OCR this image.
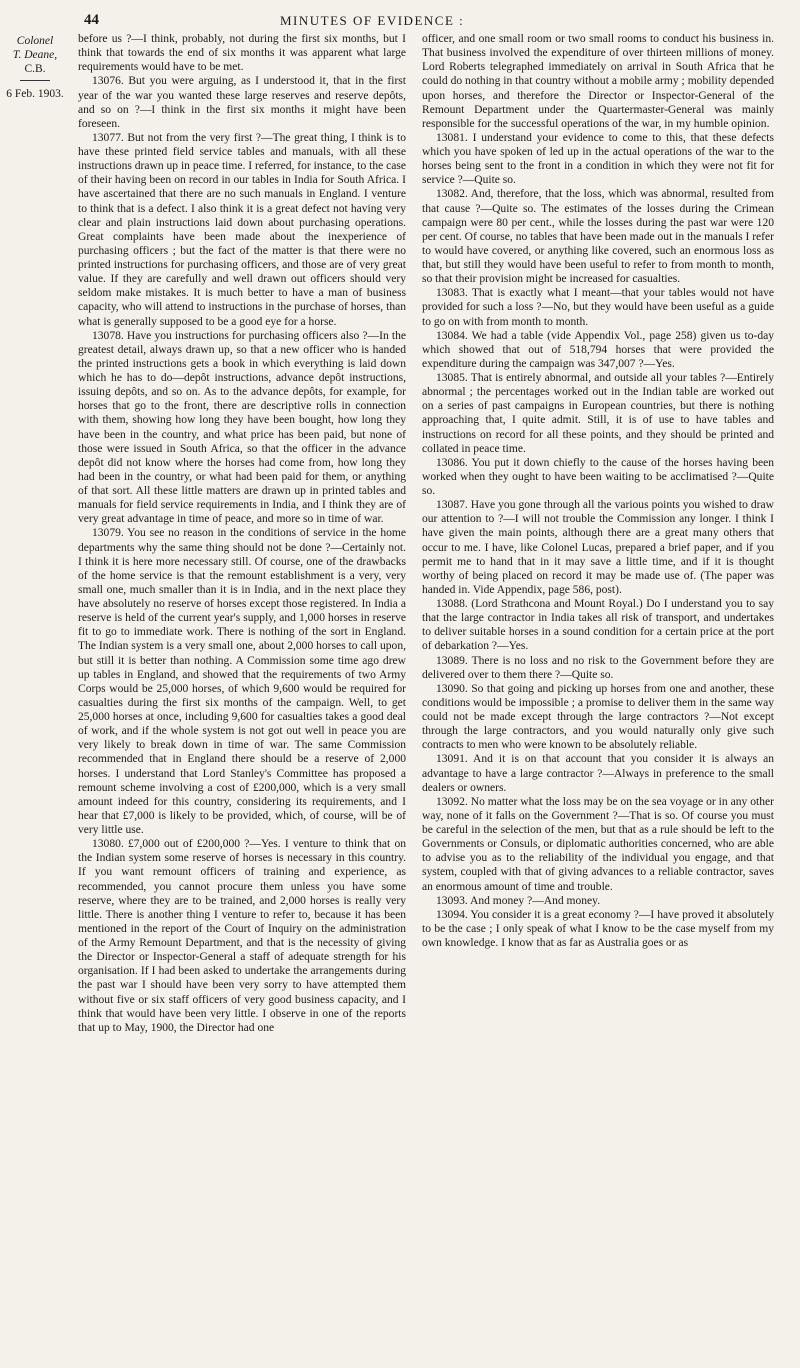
44	MINUTES OF EVIDENCE :
Colonel
T. Deane,
C.B.
6 Feb. 1903.

before us ?—I think, probably, not during the first six months, but I think that towards the end of six months it was apparent what large requirements would have to be met.

13076. But you were arguing, as I understood it, that in the first year of the war you wanted these large reserves and reserve depôts, and so on ?—I think in the first six months it might have been foreseen.

13077. But not from the very first ?—The great thing, I think is to have these printed field service tables and manuals, with all these instructions drawn up in peace time. I referred, for instance, to the case of their having been on record in our tables in India for South Africa. I have ascertained that there are no such manuals in England. I venture to think that is a defect. I also think it is a great defect not having very clear and plain instructions laid down about purchasing operations. Great complaints have been made about the inexperience of purchasing officers ; but the fact of the matter is that there were no printed instructions for purchasing officers, and those are of very great value. If they are carefully and well drawn out officers should very seldom make mistakes. It is much better to have a man of business capacity, who will attend to instructions in the purchase of horses, than what is generally supposed to be a good eye for a horse.

13078. Have you instructions for purchasing officers also ?—In the greatest detail, always drawn up, so that a new officer who is handed the printed instructions gets a book in which everything is laid down which he has to do—depôt instructions, advance depôt instructions, issuing depôts, and so on. As to the advance depôts, for example, for horses that go to the front, there are descriptive rolls in connection with them, showing how long they have been bought, how long they have been in the country, and what price has been paid, but none of those were issued in South Africa, so that the officer in the advance depôt did not know where the horses had come from, how long they had been in the country, or what had been paid for them, or anything of that sort. All these little matters are drawn up in printed tables and manuals for field service requirements in India, and I think they are of very great advantage in time of peace, and more so in time of war.

13079. You see no reason in the conditions of service in the home departments why the same thing should not be done ?—Certainly not. I think it is here more necessary still. Of course, one of the drawbacks of the home service is that the remount establishment is a very, very small one, much smaller than it is in India, and in the next place they have absolutely no reserve of horses except those registered. In India a reserve is held of the current year's supply, and 1,000 horses in reserve fit to go to immediate work. There is nothing of the sort in England. The Indian system is a very small one, about 2,000 horses to call upon, but still it is better than nothing. A Commission some time ago drew up tables in England, and showed that the requirements of two Army Corps would be 25,000 horses, of which 9,600 would be required for casualties during the first six months of the campaign. Well, to get 25,000 horses at once, including 9,600 for casualties takes a good deal of work, and if the whole system is not got out well in peace you are very likely to break down in time of war. The same Commission recommended that in England there should be a reserve of 2,000 horses. I understand that Lord Stanley's Committee has proposed a remount scheme involving a cost of £200,000, which is a very small amount indeed for this country, considering its requirements, and I hear that £7,000 is likely to be provided, which, of course, will be of very little use.

13080. £7,000 out of £200,000 ?—Yes. I venture to think that on the Indian system some reserve of horses is necessary in this country. If you want remount officers of training and experience, as recommended, you cannot procure them unless you have some reserve, where they are to be trained, and 2,000 horses is really very little. There is another thing I venture to refer to, because it has been mentioned in the report of the Court of Inquiry on the administration of the Army Remount Department, and that is the necessity of giving the Director or Inspector-General a staff of adequate strength for his organisation. If I had been asked to undertake the arrangements during the past war I should have been very sorry to have attempted them without five or six staff officers of very good business capacity, and I think that would have been very little. I observe in one of the reports that up to May, 1900, the Director had one

officer, and one small room or two small rooms to conduct his business in. That business involved the expenditure of over thirteen millions of money. Lord Roberts telegraphed immediately on arrival in South Africa that he could do nothing in that country without a mobile army ; mobility depended upon horses, and therefore the Director or Inspector-General of the Remount Department under the Quartermaster-General was mainly responsible for the successful operations of the war, in my humble opinion.

13081. I understand your evidence to come to this, that these defects which you have spoken of led up in the actual operations of the war to the horses being sent to the front in a condition in which they were not fit for service ?—Quite so.

13082. And, therefore, that the loss, which was abnormal, resulted from that cause ?—Quite so. The estimates of the losses during the Crimean campaign were 80 per cent., while the losses during the past war were 120 per cent. Of course, no tables that have been made out in the manuals I refer to would have covered, or anything like covered, such an enormous loss as that, but still they would have been useful to refer to from month to month, so that their provision might be increased for casualties.

13083. That is exactly what I meant—that your tables would not have provided for such a loss ?—No, but they would have been useful as a guide to go on with from month to month.

13084. We had a table (vide Appendix Vol., page 258) given us to-day which showed that out of 518,794 horses that were provided the expenditure during the campaign was 347,007 ?—Yes.

13085. That is entirely abnormal, and outside all your tables ?—Entirely abnormal ; the percentages worked out in the Indian table are worked out on a series of past campaigns in European countries, but there is nothing approaching that, I quite admit. Still, it is of use to have tables and instructions on record for all these points, and they should be printed and collated in peace time.

13086. You put it down chiefly to the cause of the horses having been worked when they ought to have been waiting to be acclimatised ?—Quite so.

13087. Have you gone through all the various points you wished to draw our attention to ?—I will not trouble the Commission any longer. I think I have given the main points, although there are a great many others that occur to me. I have, like Colonel Lucas, prepared a brief paper, and if you permit me to hand that in it may save a little time, and if it is thought worthy of being placed on record it may be made use of. (The paper was handed in. Vide Appendix, page 586, post).

13088. (Lord Strathcona and Mount Royal.) Do I understand you to say that the large contractor in India takes all risk of transport, and undertakes to deliver suitable horses in a sound condition for a certain price at the port of debarkation ?—Yes.

13089. There is no loss and no risk to the Government before they are delivered over to them there ?—Quite so.

13090. So that going and picking up horses from one and another, these conditions would be impossible ; a promise to deliver them in the same way could not be made except through the large contractors ?—Not except through the large contractors, and you would naturally only give such contracts to men who were known to be absolutely reliable.

13091. And it is on that account that you consider it is always an advantage to have a large contractor ?—Always in preference to the small dealers or owners.

13092. No matter what the loss may be on the sea voyage or in any other way, none of it falls on the Government ?—That is so. Of course you must be careful in the selection of the men, but that as a rule should be left to the Governments or Consuls, or diplomatic authorities concerned, who are able to advise you as to the reliability of the individual you engage, and that system, coupled with that of giving advances to a reliable contractor, saves an enormous amount of time and trouble.

13093. And money ?—And money.

13094. You consider it is a great economy ?—I have proved it absolutely to be the case ; I only speak of what I know to be the case myself from my own knowledge. I know that as far as Australia goes or as
